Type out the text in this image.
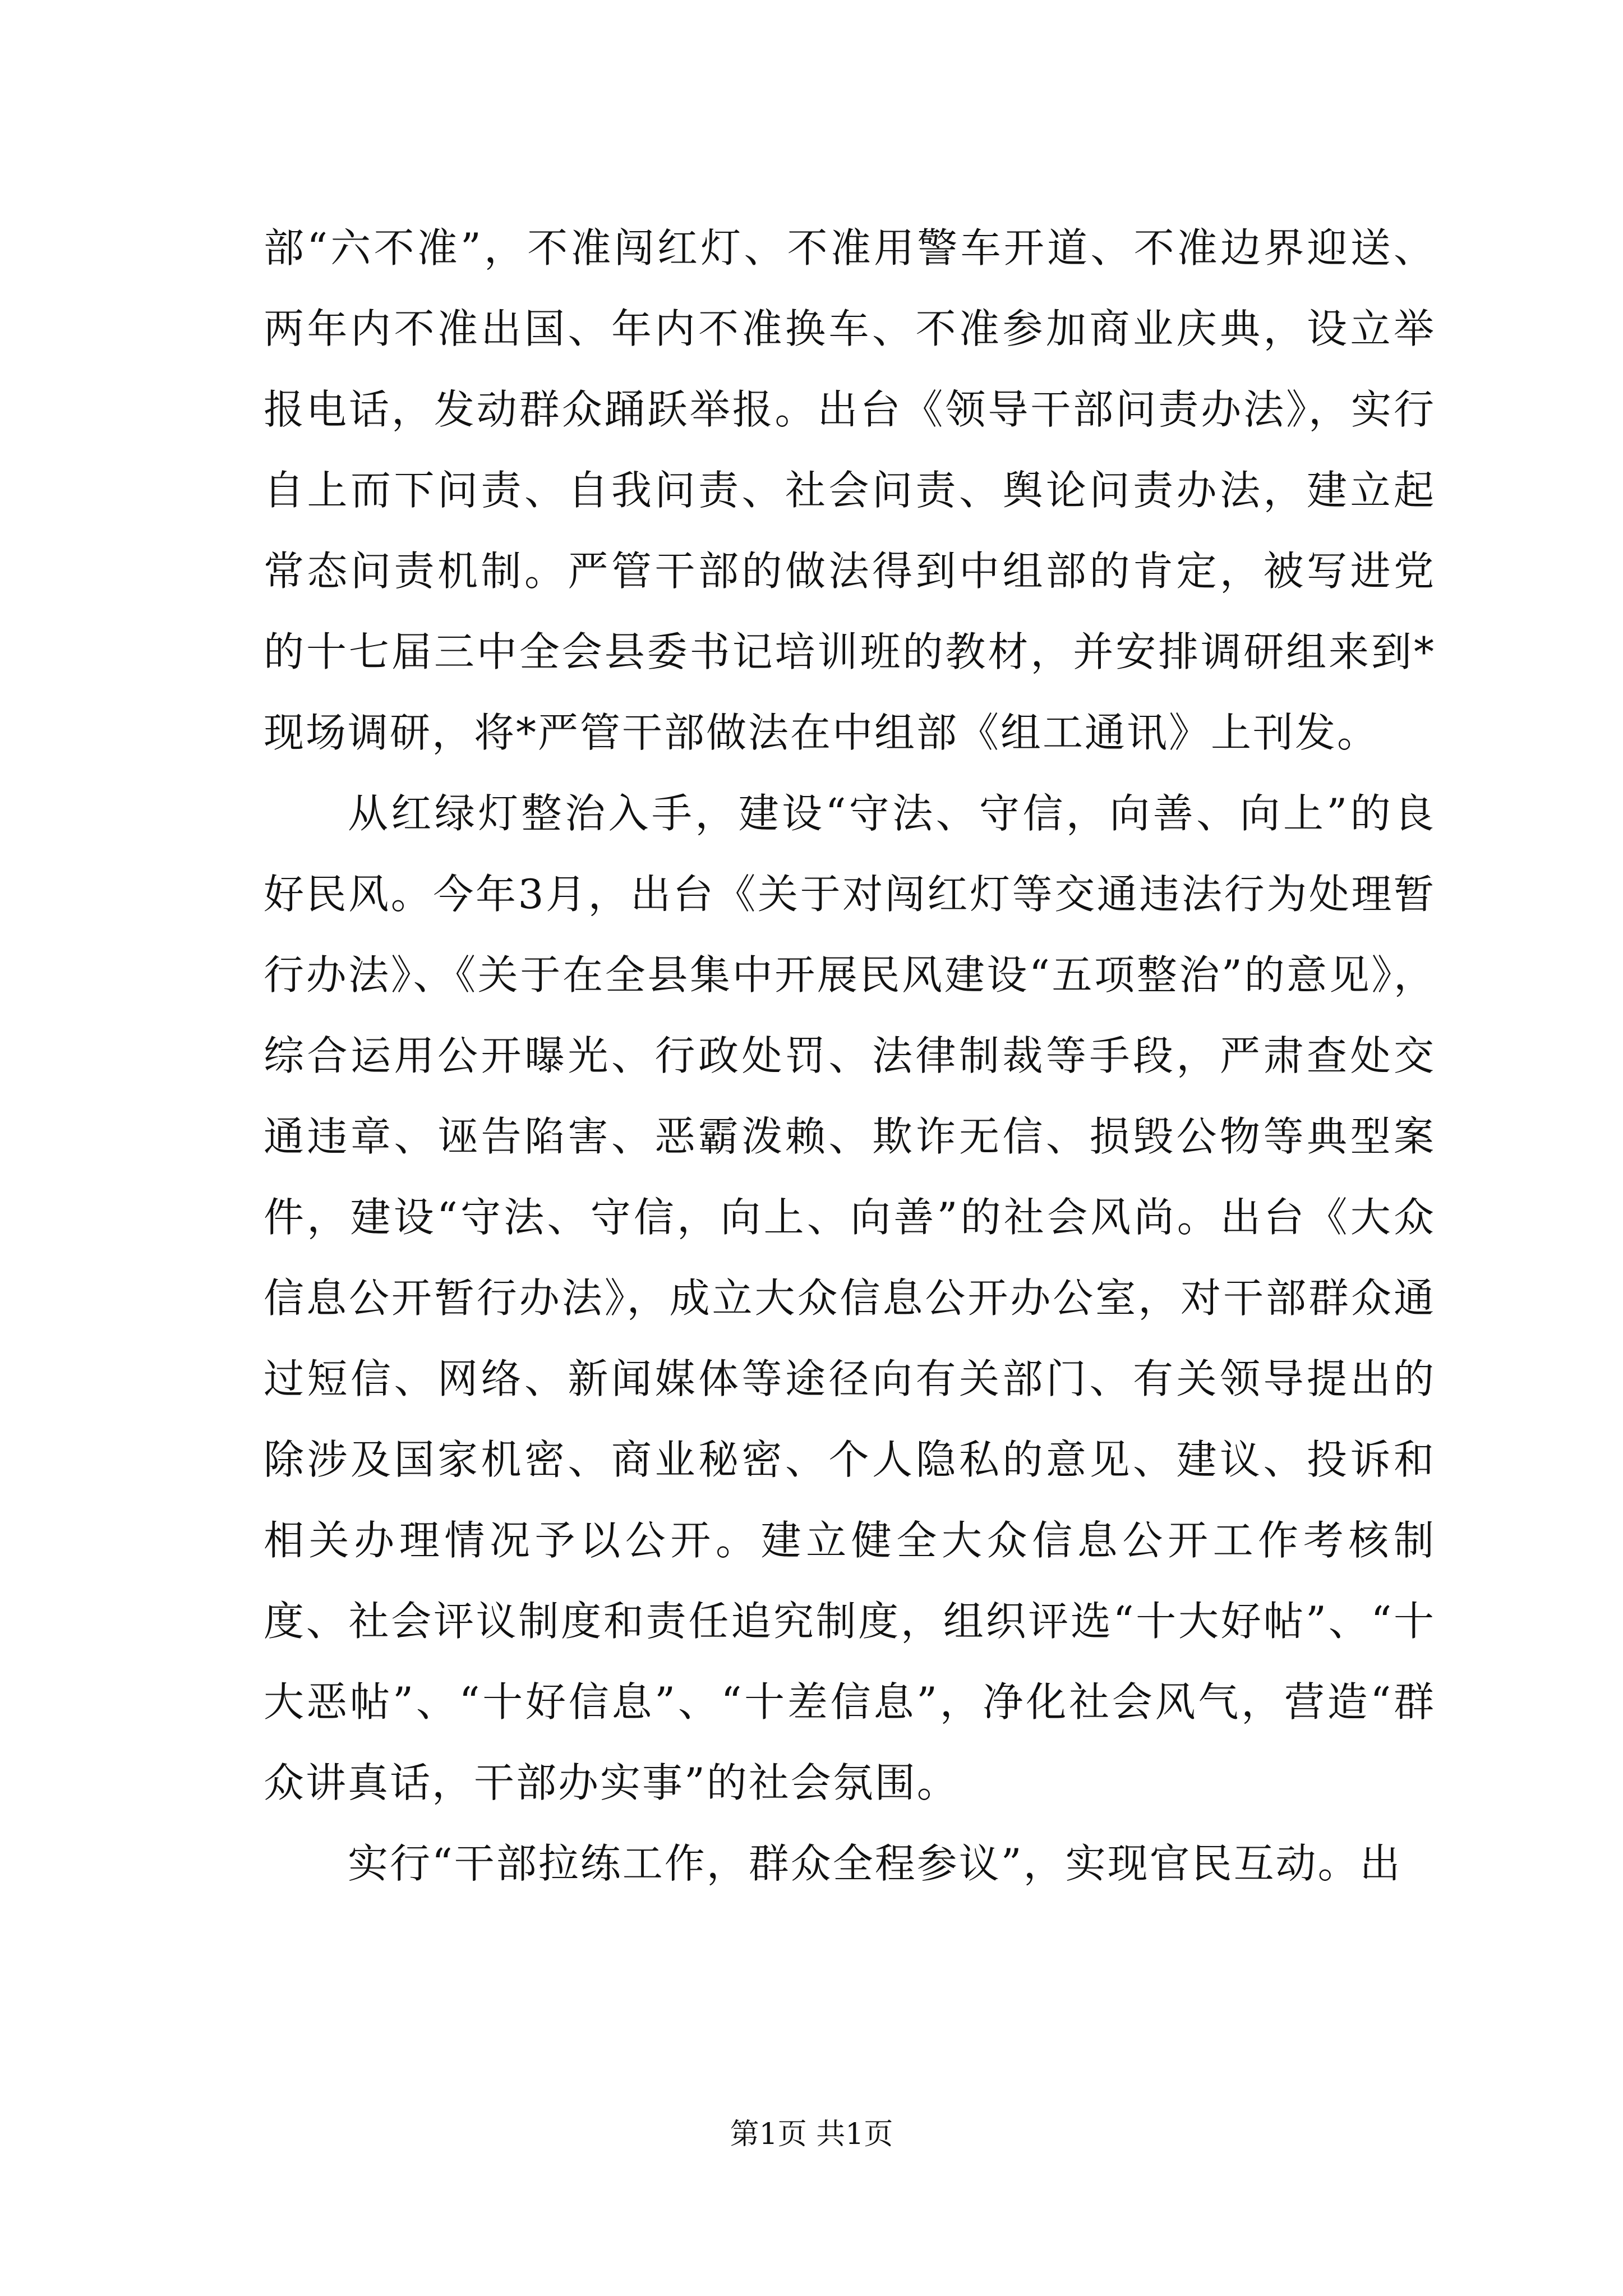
部“六不准”，不准闯红灯、不准用警车开道、不准边界迎送、两年内不准出国、年内不准换车、不准参加商业庆典，设立举报电话，发动群众踊跃举报。出台《领导干部问责办法》，实行自上而下问责、自我问责、社会问责、舆论问责办法，建立起常态问责机制。严管干部的做法得到中组部的肯定，被写进党的十七届三中全会县委书记培训班的教材，并安排调研组来到*现场调研，将*严管干部做法在中组部《组工通讯》上刊发。

从红绿灯整治入手，建设“守法、守信，向善、向上”的良好民风。今年3月，出台《关于对闯红灯等交通违法行为处理暂行办法》、《关于在全县集中开展民风建设“五项整治”的意见》，综合运用公开曝光、行政处罚、法律制裁等手段，严肃查处交通违章、诬告陷害、恶霸泼赖、欺诈无信、损毁公物等典型案件，建设“守法、守信，向上、向善”的社会风尚。出台《大众信息公开暂行办法》，成立大众信息公开办公室，对干部群众通过短信、网络、新闻媒体等途径向有关部门、有关领导提出的除涉及国家机密、商业秘密、个人隐私的意见、建议、投诉和相关办理情况予以公开。建立健全大众信息公开工作考核制度、社会评议制度和责任追究制度，组织评选“十大好帖”、“十大恶帖”、“十好信息”、“十差信息”，净化社会风气，营造“群众讲真话，干部办实事”的社会氛围。

实行“干部拉练工作，群众全程参议”，实现官民互动。出

第1页 共1页
